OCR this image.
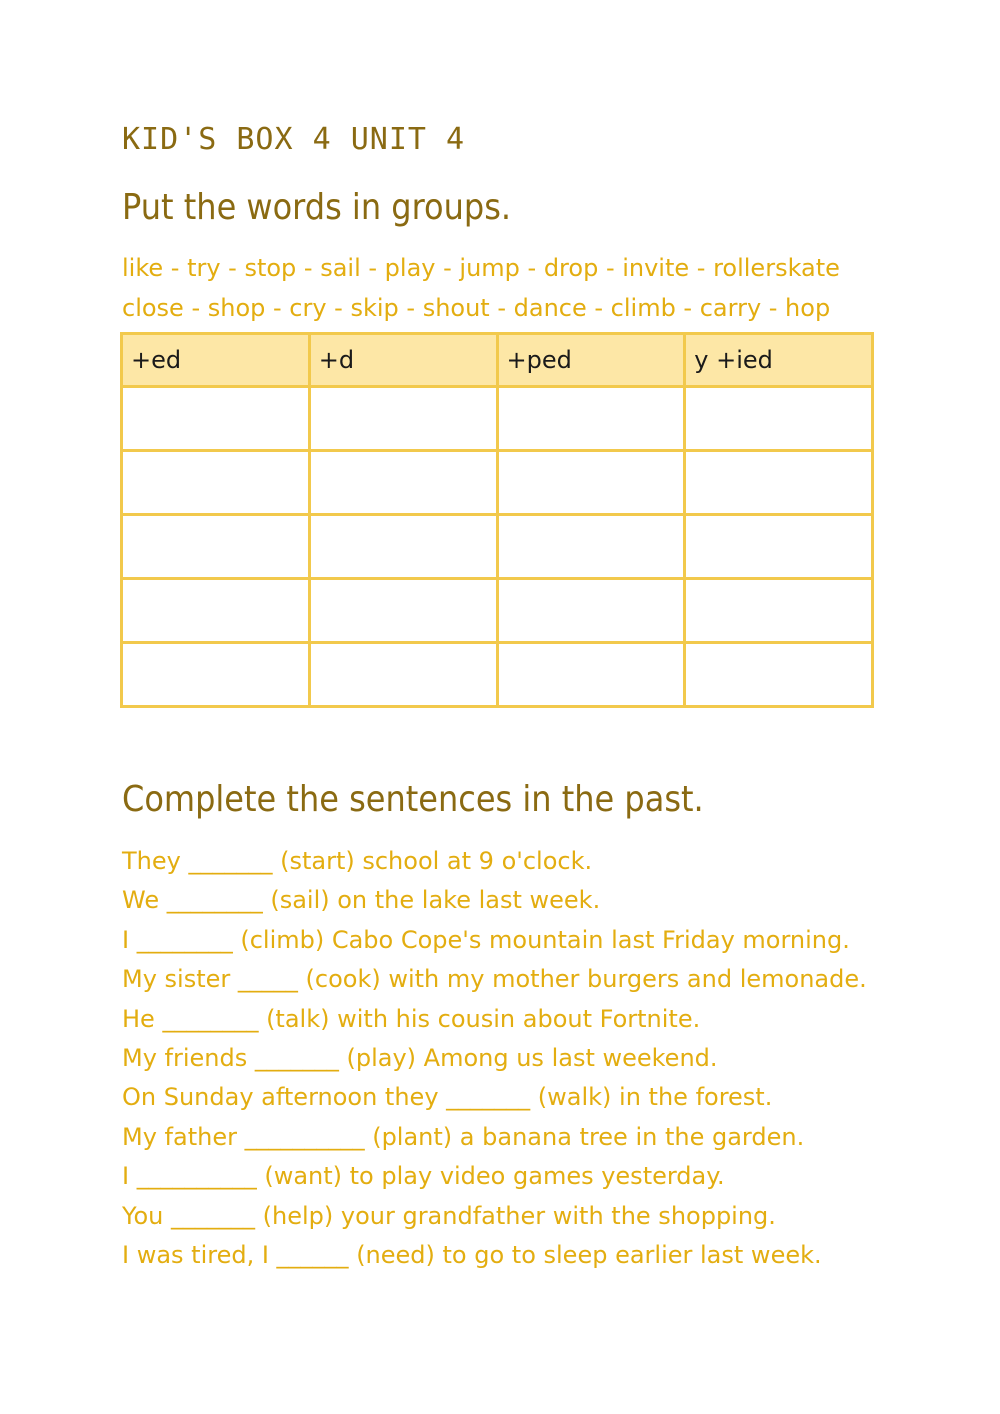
KID'S BOX 4 UNIT 4
Put the words in groups.
like - try - stop - sail - play - jump - drop - invite - rollerskate
close - shop - cry - skip - shout - dance - climb - carry - hop
+ed	+d	+ped	y +ied

Complete the sentences in the past.
They _______ (start) school at 9 o'clock.
We ________ (sail) on the lake last week.
I ________ (climb) Cabo Cope's mountain last Friday morning.
My sister _____ (cook) with my mother burgers and lemonade.
He ________ (talk) with his cousin about Fortnite.
My friends _______ (play) Among us last weekend.
On Sunday afternoon they _______ (walk) in the forest.
My father __________ (plant) a banana tree in the garden.
I __________ (want) to play video games yesterday.
You _______ (help) your grandfather with the shopping.
I was tired, I ______ (need) to go to sleep earlier last week.
